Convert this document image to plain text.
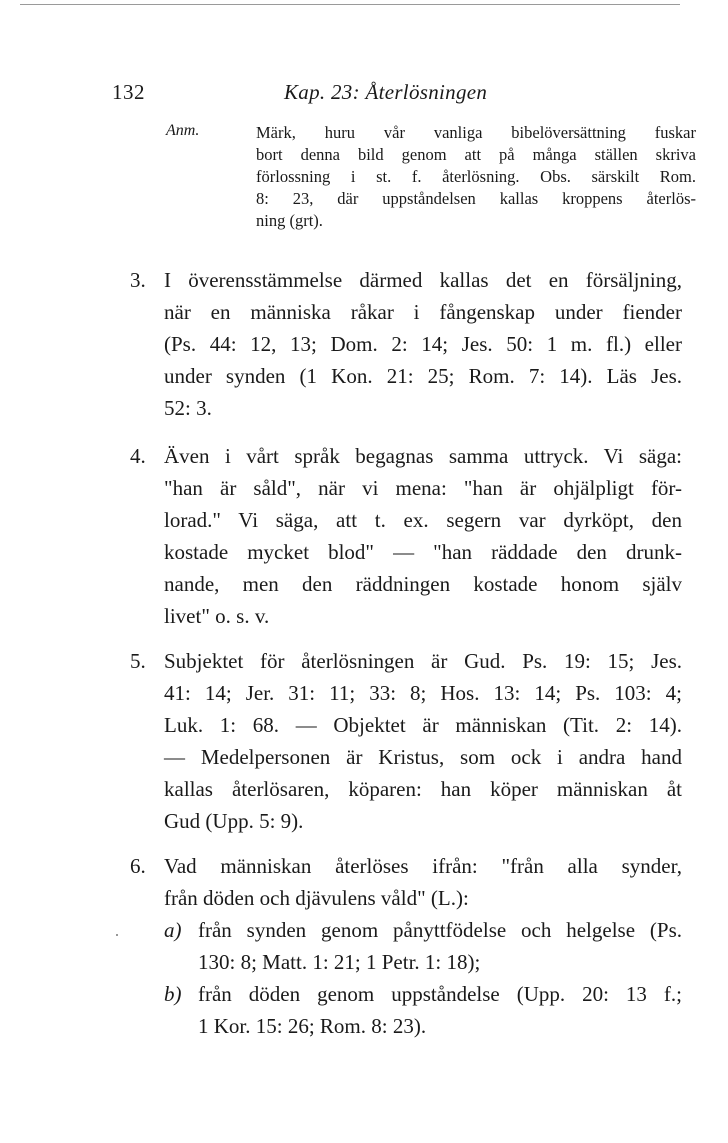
132	Kap. 23: Återlösningen
Anm.	Märk, huru vår vanliga bibelöversättning fuskar
bort denna bild genom att på många ställen skriva
förlossning i st. f. återlösning. Obs. särskilt Rom.
8: 23, där uppståndelsen kallas kroppens återlös-
ning (grt).
3. I överensstämmelse därmed kallas det en försäljning,
när en människa råkar i fångenskap under fiender
(Ps. 44: 12, 13; Dom. 2: 14; Jes. 50: 1 m. fl.) eller
under synden (1 Kon. 21: 25; Rom. 7: 14). Läs Jes.
52: 3.
4. Även i vårt språk begagnas samma uttryck. Vi säga:
"han är såld", när vi mena: "han är ohjälpligt för-
lorad." Vi säga, att t. ex. segern var dyrköpt, den
kostade mycket blod" — "han räddade den drunk-
nande, men den räddningen kostade honom själv
livet" o. s. v.
5. Subjektet för återlösningen är Gud. Ps. 19: 15; Jes.
41: 14; Jer. 31: 11; 33: 8; Hos. 13: 14; Ps. 103: 4;
Luk. 1: 68. — Objektet är människan (Tit. 2: 14).
— Medelpersonen är Kristus, som ock i andra hand
kallas återlösaren, köparen: han köper människan åt
Gud (Upp. 5: 9).
6. Vad människan återlöses ifrån: "från alla synder,
från döden och djävulens våld" (L.):
a) från synden genom pånyttfödelse och helgelse (Ps.
130: 8; Matt. 1: 21; 1 Petr. 1: 18);
b) från döden genom uppståndelse (Upp. 20: 13 f.;
1 Kor. 15: 26; Rom. 8: 23).
